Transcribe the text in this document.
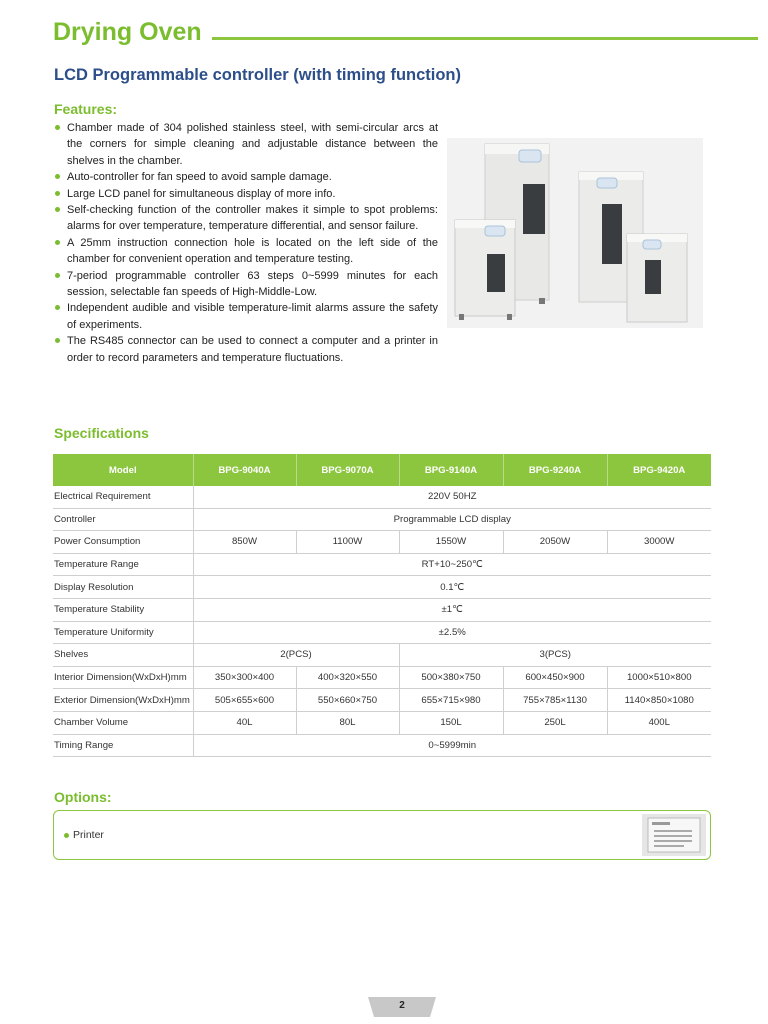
Drying Oven
LCD Programmable controller (with timing function)
Features:
Chamber made of 304 polished stainless steel, with semi-circular arcs at the corners for simple cleaning and adjustable distance between the shelves in the chamber.
Auto-controller for fan speed to avoid sample damage.
Large LCD panel for simultaneous display of more info.
Self-checking function of the controller makes it simple to spot problems: alarms for over temperature, temperature differential, and sensor failure.
A 25mm instruction connection hole is located on the left side of the chamber for convenient operation and temperature testing.
7-period programmable controller 63 steps 0~5999 minutes for each session, selectable fan speeds of High-Middle-Low.
Independent audible and visible temperature-limit alarms assure the safety of experiments.
The RS485 connector can be used to connect a computer and a printer in order to record parameters and temperature fluctuations.
Specifications
Model	BPG-9040A	BPG-9070A	BPG-9140A	BPG-9240A	BPG-9420A
Electrical Requirement	220V 50HZ				
Controller	Programmable LCD display				
Power Consumption	850W	1100W	1550W	2050W	3000W
Temperature Range	RT+10~250℃				
Display Resolution	0.1℃				
Temperature Stability	±1℃				
Temperature Uniformity	±2.5%				
Shelves	2(PCS)		3(PCS)		
Interior Dimension(WxDxH)mm	350×300×400	400×320×550	500×380×750	600×450×900	1000×510×800
Exterior Dimension(WxDxH)mm	505×655×600	550×660×750	655×715×980	755×785×1130	1140×850×1080
Chamber Volume	40L	80L	150L	250L	400L
Timing Range	0~5999min				
Options:
Printer
2
